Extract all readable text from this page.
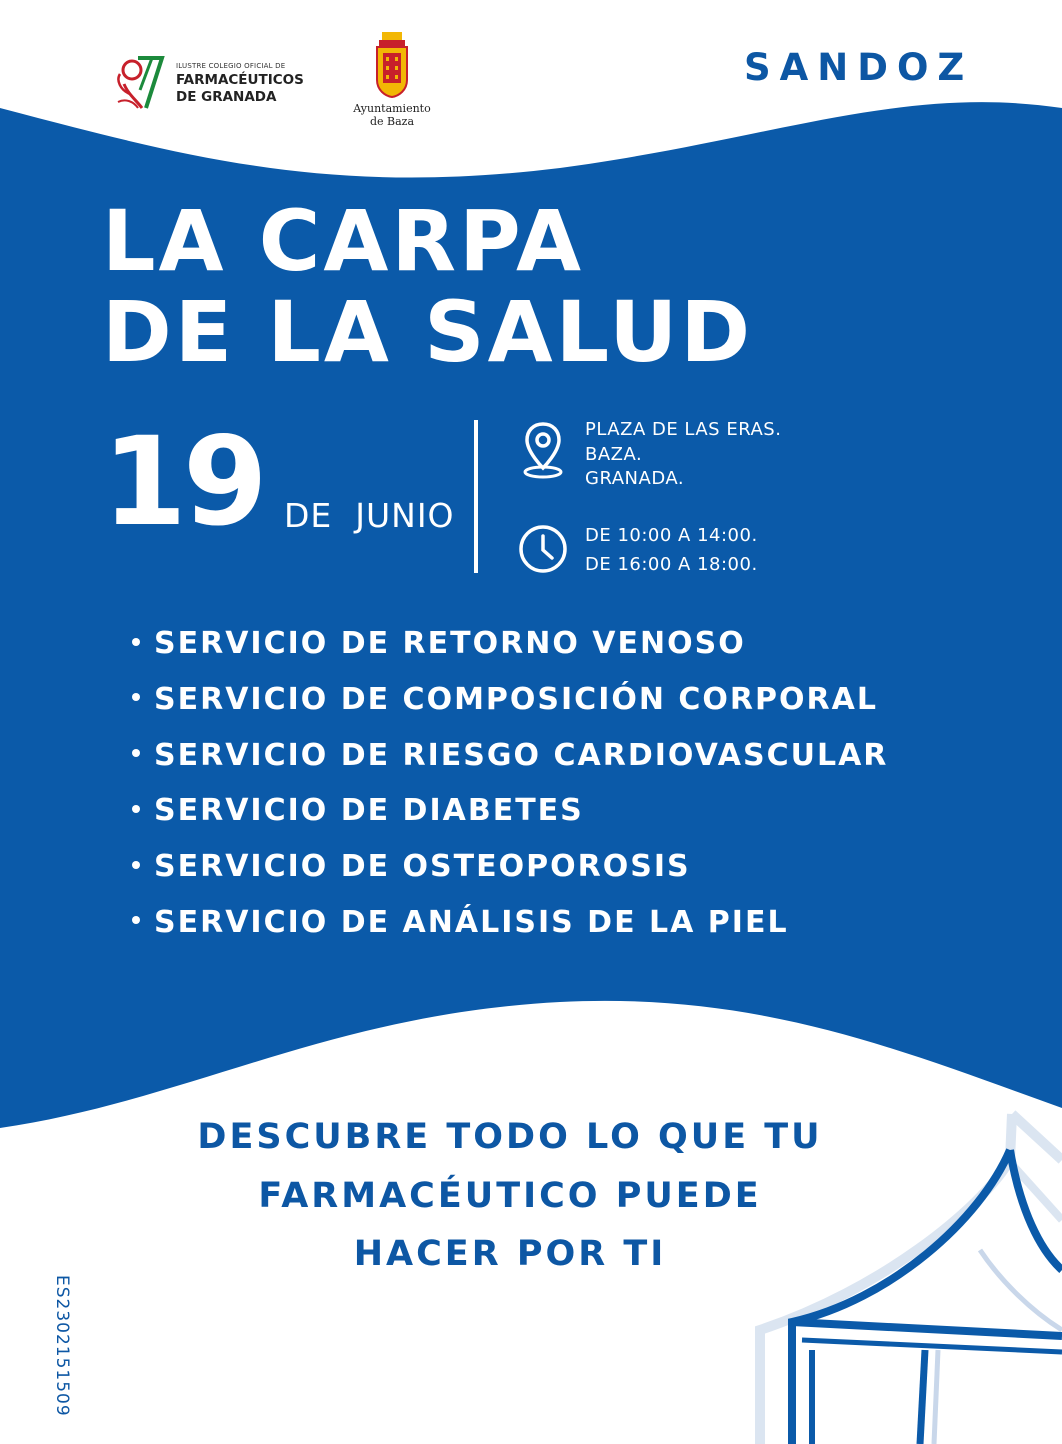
ILUSTRE COLEGIO OFICIAL DE
FARMACÉUTICOS
DE GRANADA
Ayuntamiento
de Baza
SANDOZ
LA CARPA
DE LA SALUD
19 DE  JUNIO
PLAZA DE LAS ERAS.
BAZA.
GRANADA.
DE 10:00 A 14:00.
DE 16:00 A 18:00.
SERVICIO DE RETORNO VENOSO
SERVICIO DE COMPOSICIÓN CORPORAL
SERVICIO DE RIESGO CARDIOVASCULAR
SERVICIO DE DIABETES
SERVICIO DE OSTEOPOROSIS
SERVICIO DE ANÁLISIS DE LA PIEL
DESCUBRE TODO LO QUE TU
FARMACÉUTICO PUEDE
HACER POR TI
ES2302151509
